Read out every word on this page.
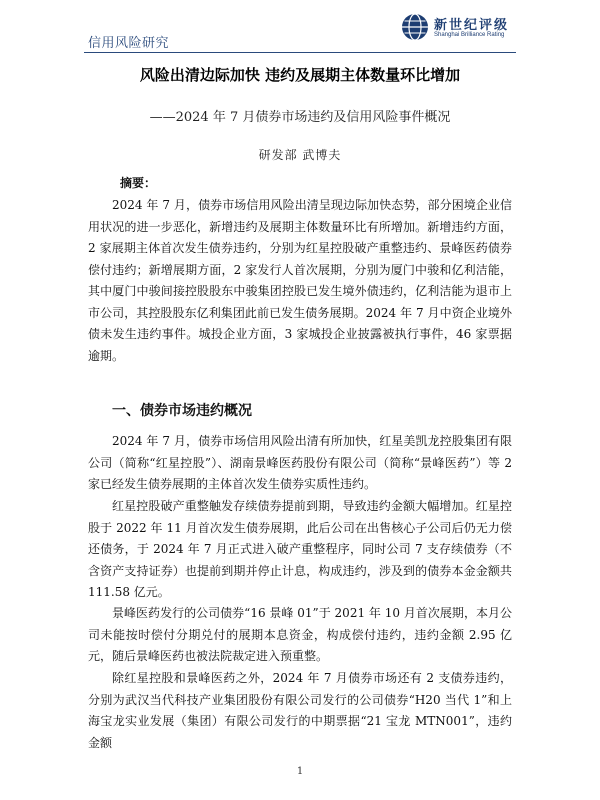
信用风险研究
新世纪评级
Shanghai Brilliance Rating
风险出清边际加快 违约及展期主体数量环比增加
——2024 年 7 月债券市场违约及信用风险事件概况
研发部 武博夫
摘要：

2024 年 7 月，债券市场信用风险出清呈现边际加快态势，部分困境企业信用状况的进一步恶化，新增违约及展期主体数量环比有所增加。新增违约方面，2 家展期主体首次发生债券违约，分别为红星控股破产重整违约、景峰医药债券偿付违约；新增展期方面，2 家发行人首次展期，分别为厦门中骏和亿利洁能，其中厦门中骏间接控股股东中骏集团控股已发生境外债违约，亿利洁能为退市上市公司，其控股股东亿利集团此前已发生债务展期。2024 年 7 月中资企业境外债未发生违约事件。城投企业方面，3 家城投企业披露被执行事件，46 家票据逾期。

一、债券市场违约概况

2024 年 7 月，债券市场信用风险出清有所加快，红星美凯龙控股集团有限公司（简称“红星控股”）、湖南景峰医药股份有限公司（简称“景峰医药”）等 2 家已经发生债券展期的主体首次发生债券实质性违约。

红星控股破产重整触发存续债券提前到期，导致违约金额大幅增加。红星控股于 2022 年 11 月首次发生债券展期，此后公司在出售核心子公司后仍无力偿还债务，于 2024 年 7 月正式进入破产重整程序，同时公司 7 支存续债券（不含资产支持证券）也提前到期并停止计息，构成违约，涉及到的债券本金金额共 111.58 亿元。

景峰医药发行的公司债券“16 景峰 01”于 2021 年 10 月首次展期，本月公司未能按时偿付分期兑付的展期本息资金，构成偿付违约，违约金额 2.95 亿元，随后景峰医药也被法院裁定进入预重整。

除红星控股和景峰医药之外，2024 年 7 月债券市场还有 2 支债券违约，分别为武汉当代科技产业集团股份有限公司发行的公司债券“H20 当代 1”和上海宝龙实业发展（集团）有限公司发行的中期票据“21 宝龙 MTN001”，违约金额

1
